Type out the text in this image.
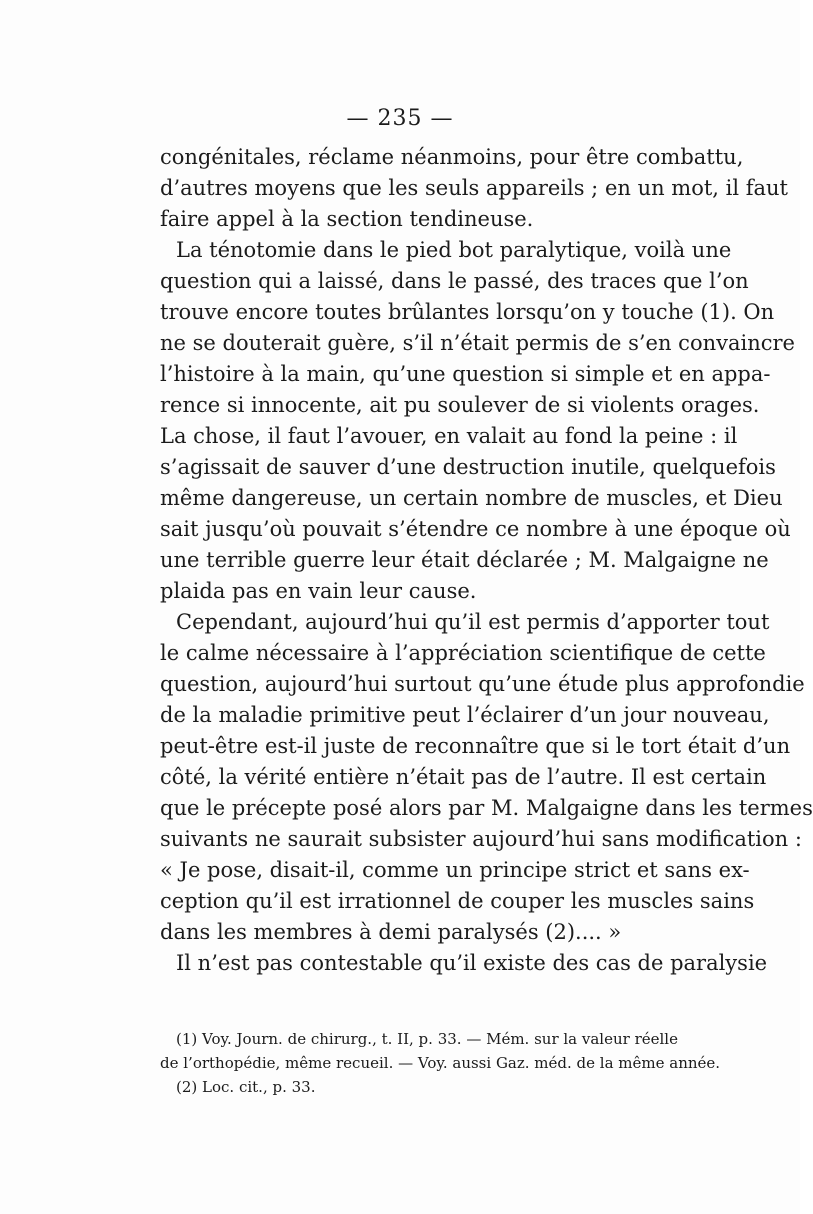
— 235 —
congénitales, réclame néanmoins, pour être combattu,
d’autres moyens que les seuls appareils ; en un mot, il faut
faire appel à la section tendineuse.
La ténotomie dans le pied bot paralytique, voilà une
question qui a laissé, dans le passé, des traces que l’on
trouve encore toutes brûlantes lorsqu’on y touche (1). On
ne se douterait guère, s’il n’était permis de s’en convaincre
l’histoire à la main, qu’une question si simple et en appa-
rence si innocente, ait pu soulever de si violents orages.
La chose, il faut l’avouer, en valait au fond la peine : il
s’agissait de sauver d’une destruction inutile, quelquefois
même dangereuse, un certain nombre de muscles, et Dieu
sait jusqu’où pouvait s’étendre ce nombre à une époque où
une terrible guerre leur était déclarée ; M. Malgaigne ne
plaida pas en vain leur cause.
Cependant, aujourd’hui qu’il est permis d’apporter tout
le calme nécessaire à l’appréciation scientifique de cette
question, aujourd’hui surtout qu’une étude plus approfondie
de la maladie primitive peut l’éclairer d’un jour nouveau,
peut-être est-il juste de reconnaître que si le tort était d’un
côté, la vérité entière n’était pas de l’autre. Il est certain
que le précepte posé alors par M. Malgaigne dans les termes
suivants ne saurait subsister aujourd’hui sans modification :
« Je pose, disait-il, comme un principe strict et sans ex-
ception qu’il est irrationnel de couper les muscles sains
dans les membres à demi paralysés (2).... »
Il n’est pas contestable qu’il existe des cas de paralysie
(1) Voy. Journ. de chirurg., t. II, p. 33. — Mém. sur la valeur réelle
de l’orthopédie, même recueil. — Voy. aussi Gaz. méd. de la même année.
(2) Loc. cit., p. 33.
